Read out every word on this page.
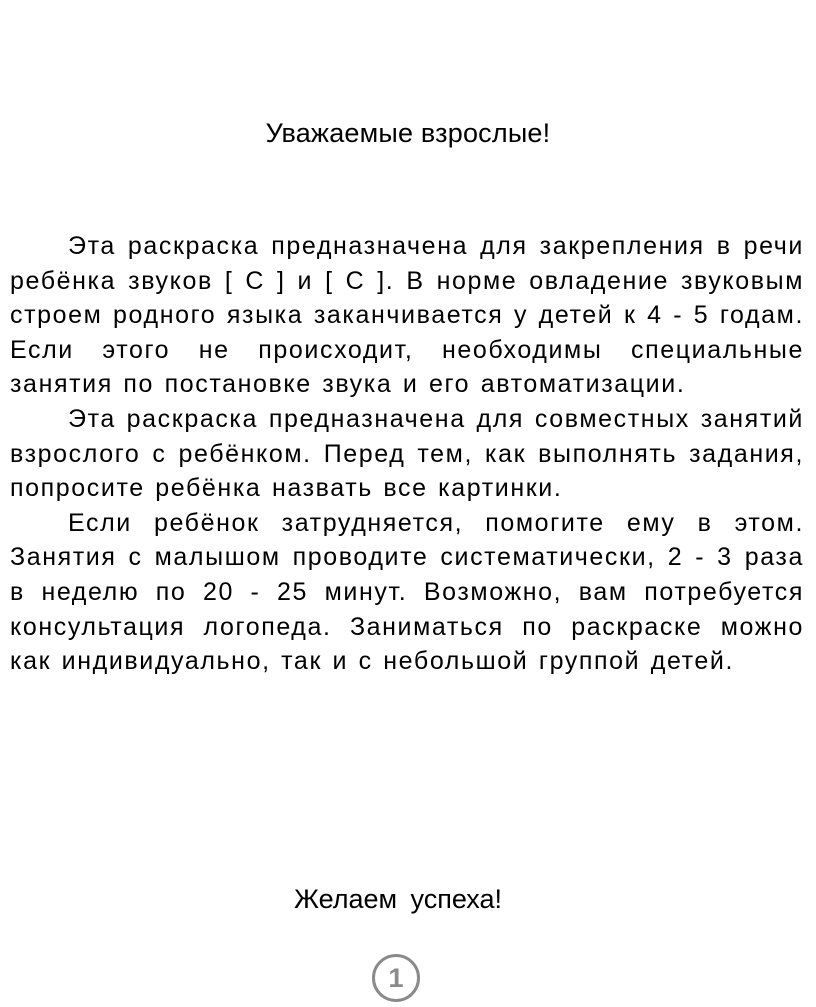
Уважаемые взрослые!

Эта раскраска предназначена для закрепления в речи ребёнка звуков [ С ] и [ С ]. В норме овладение звуковым строем родного языка заканчивается у детей к 4 - 5 годам. Если этого не происходит, необходимы специальные занятия по постановке звука и его автоматизации.

Эта раскраска предназначена для совместных занятий взрослого с ребёнком. Перед тем, как выполнять задания, попросите ребёнка назвать все картинки.

Если ребёнок затрудняется, помогите ему в этом. Занятия с малышом проводите систематически, 2 - 3 раза в неделю по 20 - 25 минут. Возможно, вам потребуется консультация логопеда. Заниматься по раскраске можно как индивидуально, так и с небольшой группой детей.

Желаем успеха!
1
